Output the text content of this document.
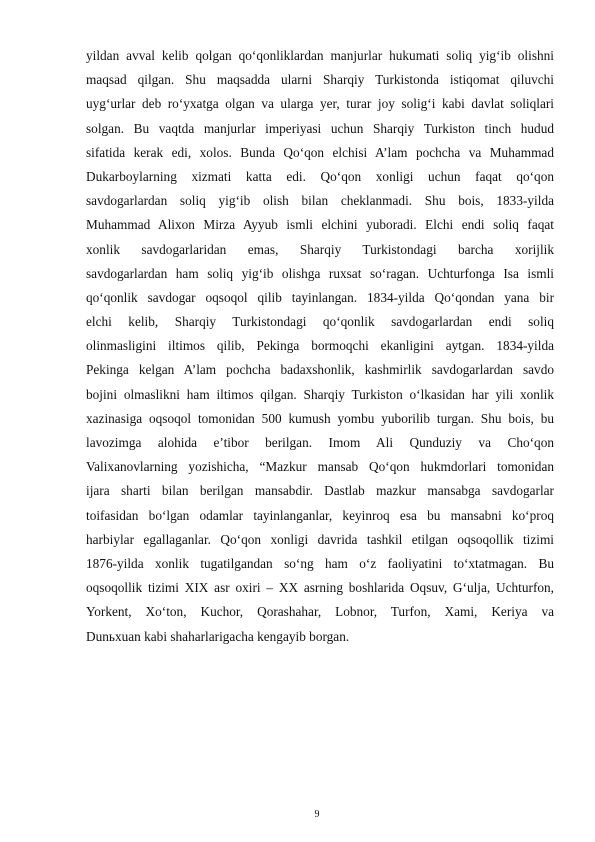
yildan avval kelib qolgan qo‘qonliklardan manjurlar hukumati soliq yig‘ib olishni
maqsad qilgan. Shu maqsadda ularni Sharqiy Turkistonda istiqomat qiluvchi
uyg‘urlar deb ro‘yxatga olgan va ularga yer, turar joy solig‘i kabi davlat soliqlari
solgan. Bu vaqtda manjurlar imperiyasi uchun Sharqiy Turkiston tinch hudud
sifatida kerak edi, xolos. Bunda Qo‘qon elchisi A’lam pochcha va Muhammad
Dukarboylarning xizmati katta edi. Qo‘qon xonligi uchun faqat qo‘qon
savdogarlardan soliq yig‘ib olish bilan cheklanmadi. Shu bois, 1833-yilda
Muhammad Alixon Mirza Ayyub ismli elchini yuboradi. Elchi endi soliq faqat
xonlik savdogarlaridan emas, Sharqiy Turkistondagi barcha xorijlik
savdogarlardan ham soliq yig‘ib olishga ruxsat so‘ragan. Uchturfonga Isa ismli
qo‘qonlik savdogar oqsoqol qilib tayinlangan. 1834-yilda Qo‘qondan yana bir
elchi kelib, Sharqiy Turkistondagi qo‘qonlik savdogarlardan endi soliq
olinmasligini iltimos qilib, Pekinga bormoqchi ekanligini aytgan. 1834-yilda
Pekinga kelgan A’lam pochcha badaxshonlik, kashmirlik savdogarlardan savdo
bojini olmaslikni ham iltimos qilgan. Sharqiy Turkiston o‘lkasidan har yili xonlik
xazinasiga oqsoqol tomonidan 500 kumush yombu yuborilib turgan. Shu bois, bu
lavozimga alohida e’tibor berilgan. Imom Ali Qunduziy va Cho‘qon
Valixanovlarning yozishicha, “Mazkur mansab Qo‘qon hukmdorlari tomonidan
ijara sharti bilan berilgan mansabdir. Dastlab mazkur mansabga savdogarlar
toifasidan bo‘lgan odamlar tayinlanganlar, keyinroq esa bu mansabni ko‘proq
harbiylar egallaganlar. Qo‘qon xonligi davrida tashkil etilgan oqsoqollik tizimi
1876-yilda xonlik tugatilgandan so‘ng ham o‘z faoliyatini to‘xtatmagan. Bu
oqsoqollik tizimi XIX asr oxiri – XX asrning boshlarida Oqsuv, G‘ulja, Uchturfon,
Yorkent, Xo‘ton, Kuchor, Qorashahar, Lobnor, Turfon, Xami, Keriya va
Dunьxuan kabi shaharlarigacha kengayib borgan.
9
